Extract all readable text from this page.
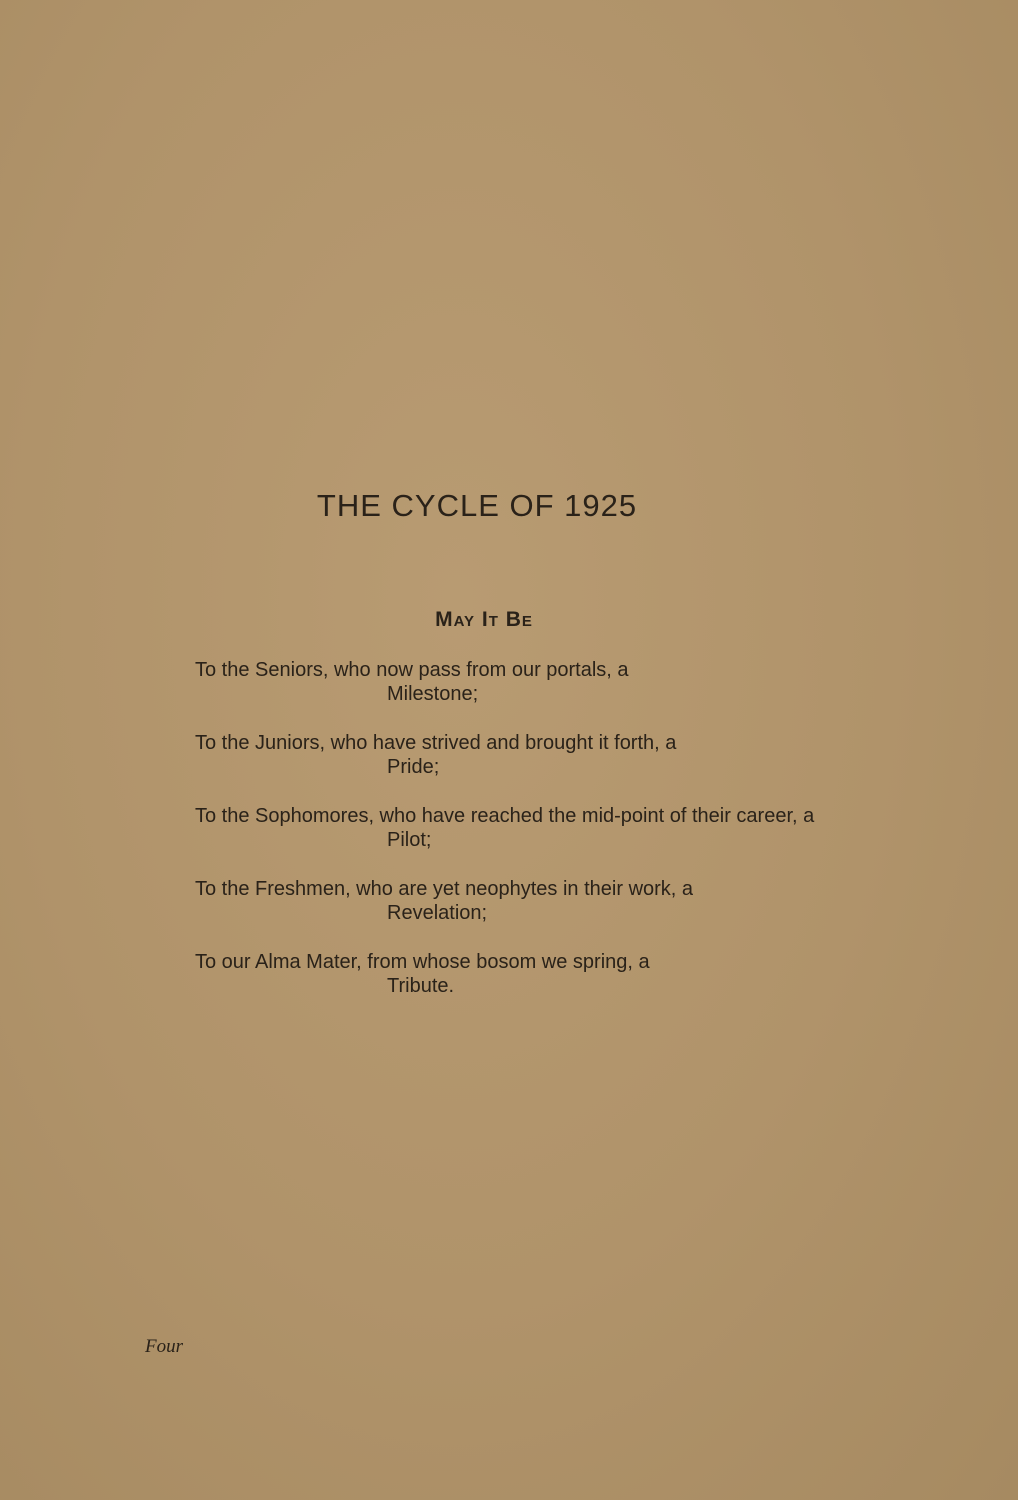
THE CYCLE OF 1925
May It Be
To the Seniors, who now pass from our portals, a
Milestone;
To the Juniors, who have strived and brought it forth, a
Pride;
To the Sophomores, who have reached the mid-point of their career, a
Pilot;
To the Freshmen, who are yet neophytes in their work, a
Revelation;
To our Alma Mater, from whose bosom we spring, a
Tribute.
Four
